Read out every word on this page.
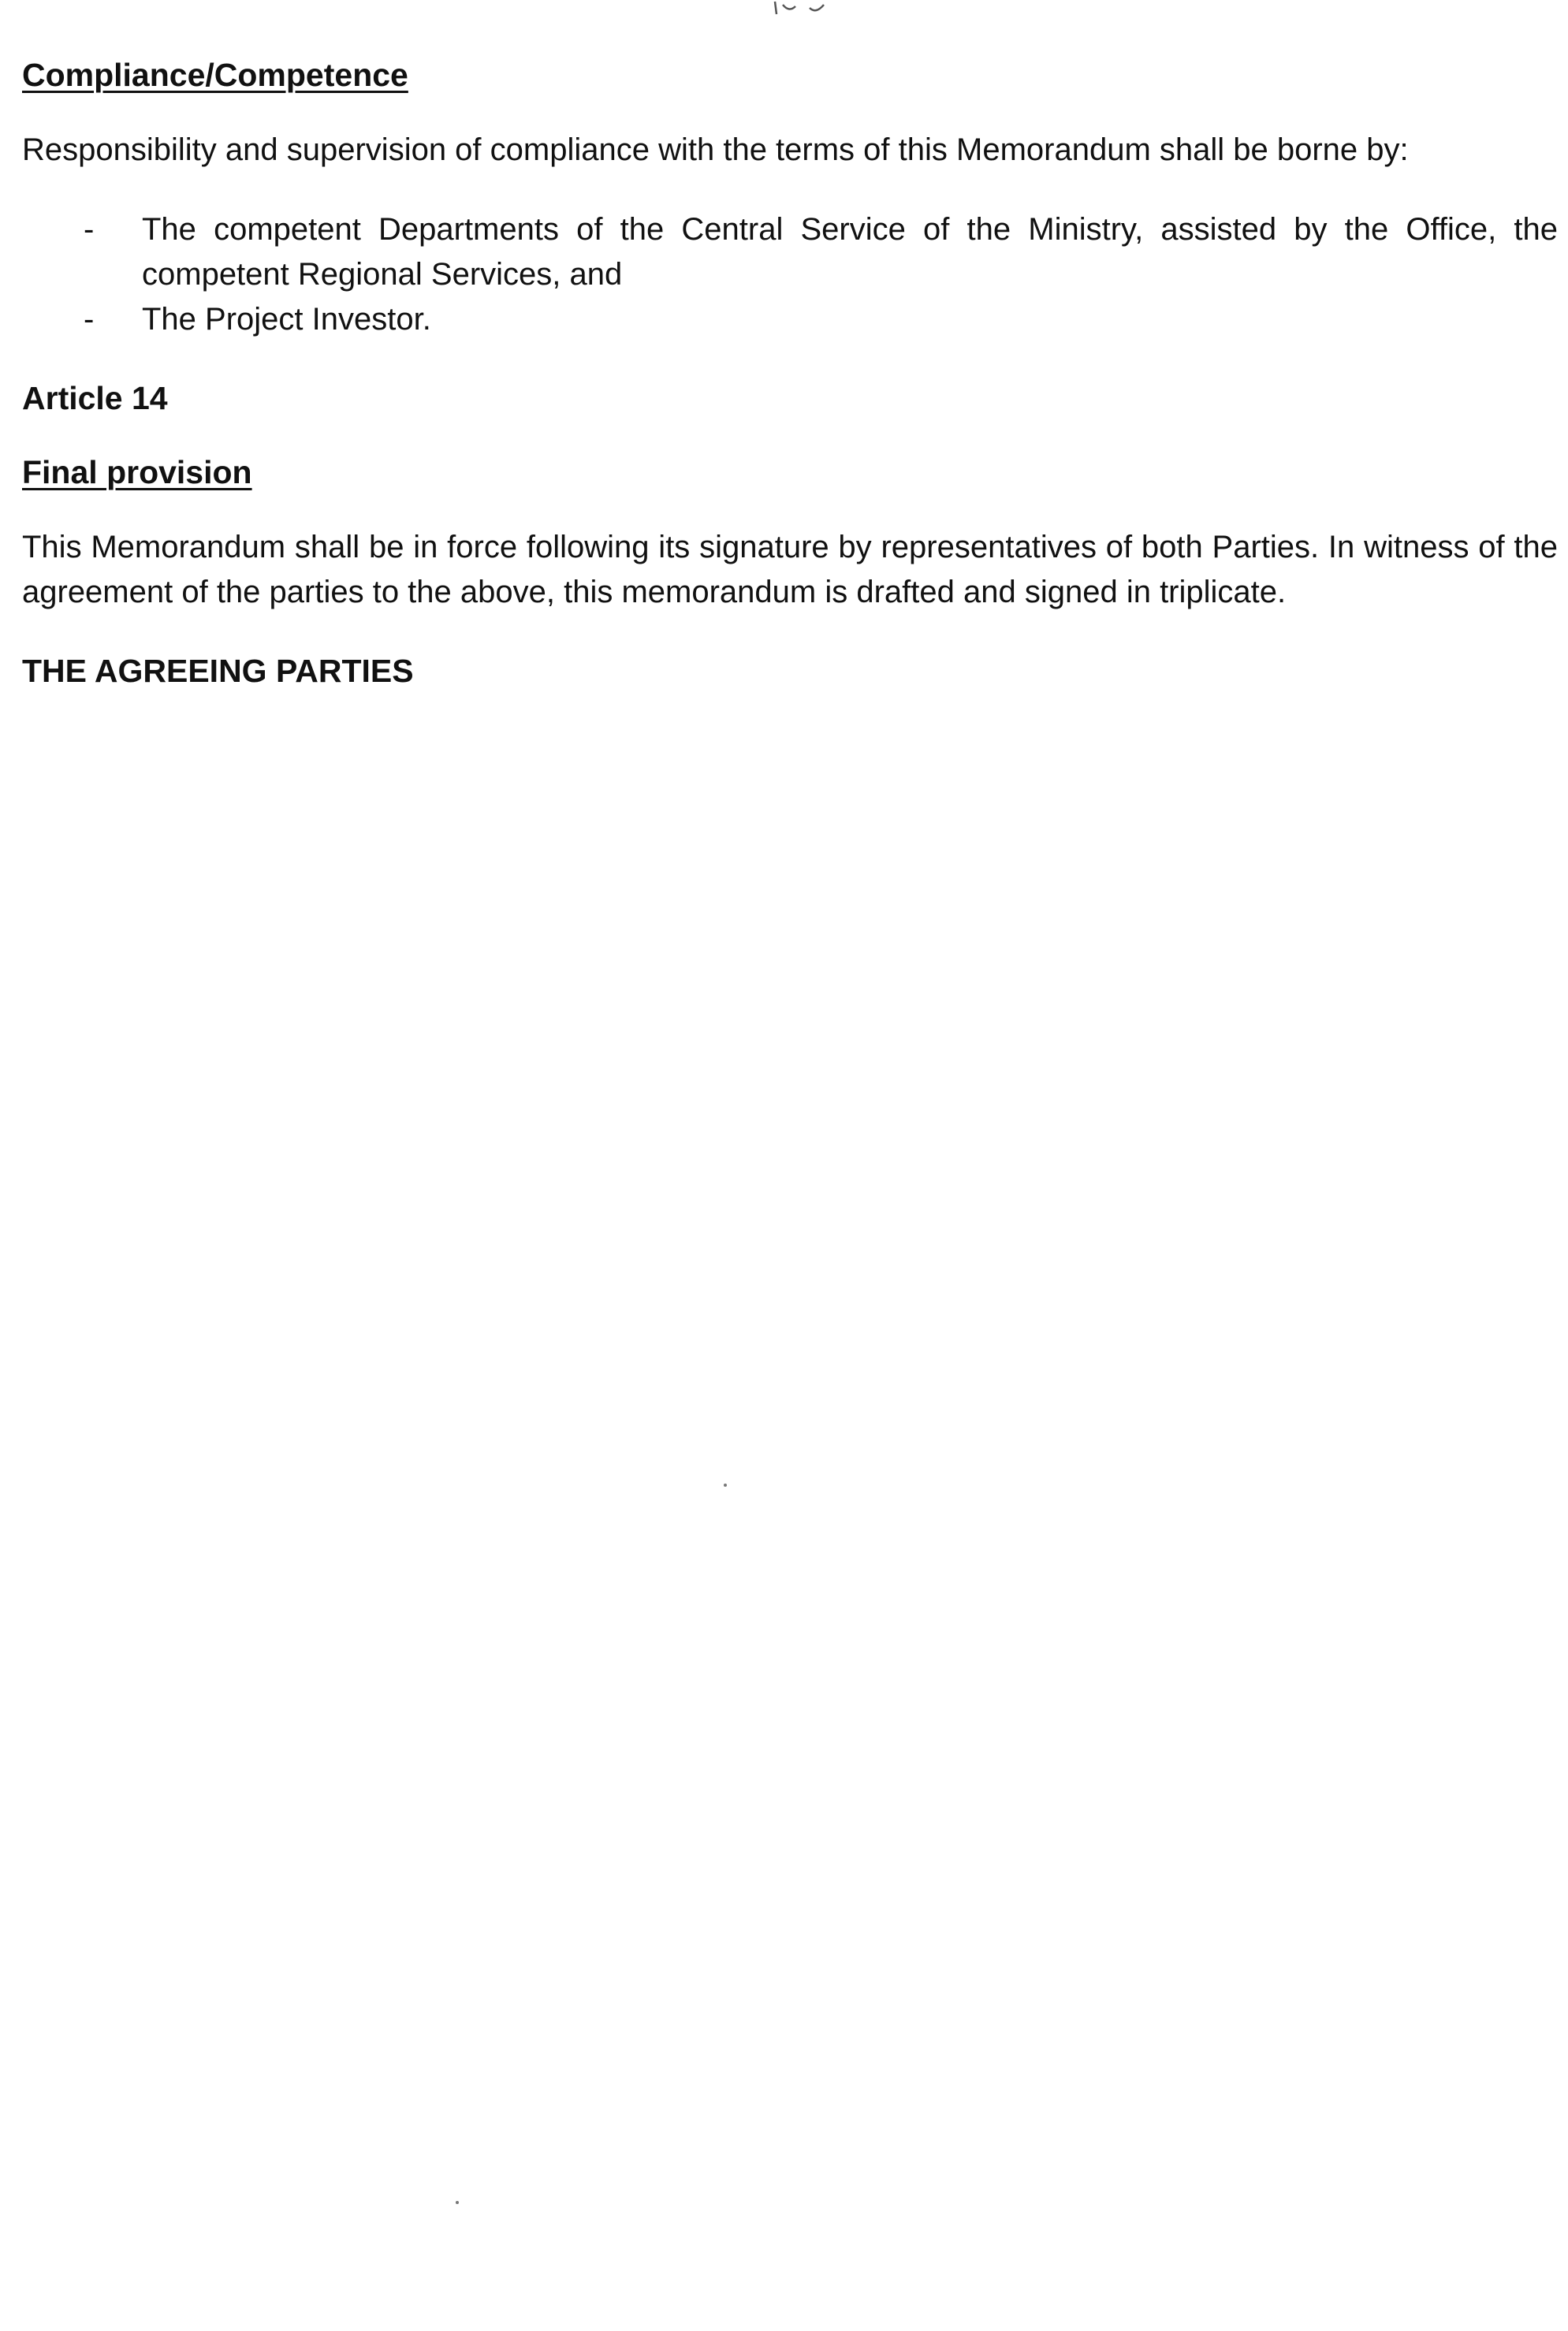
Compliance/Competence

Responsibility and supervision of compliance with the terms of this Memorandum shall be borne by:

- The competent Departments of the Central Service of the Ministry, assisted by the Office, the competent Regional Services, and
- The Project Investor.
Article 14
Final provision

This Memorandum shall be in force following its signature by representatives of both Parties. In witness of the agreement of the parties to the above, this memorandum is drafted and signed in triplicate.

THE AGREEING PARTIES
